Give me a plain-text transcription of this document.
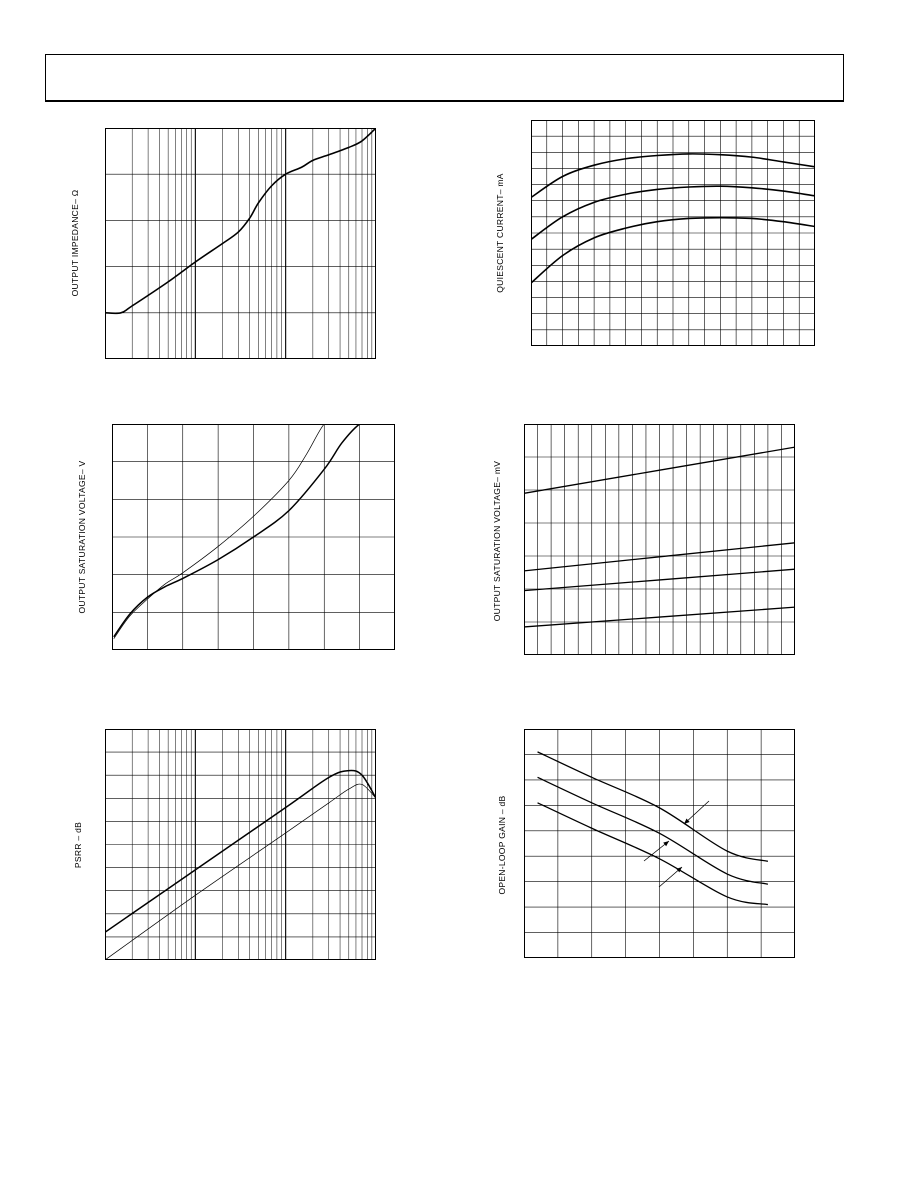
OUTPUT IMPEDANCE– Ω	QUIESCENT CURRENT– mA
OUTPUT SATURATION VOLTAGE– V	OUTPUT SATURATION VOLTAGE– mV
PSRR – dB	OPEN-LOOP GAIN – dB
